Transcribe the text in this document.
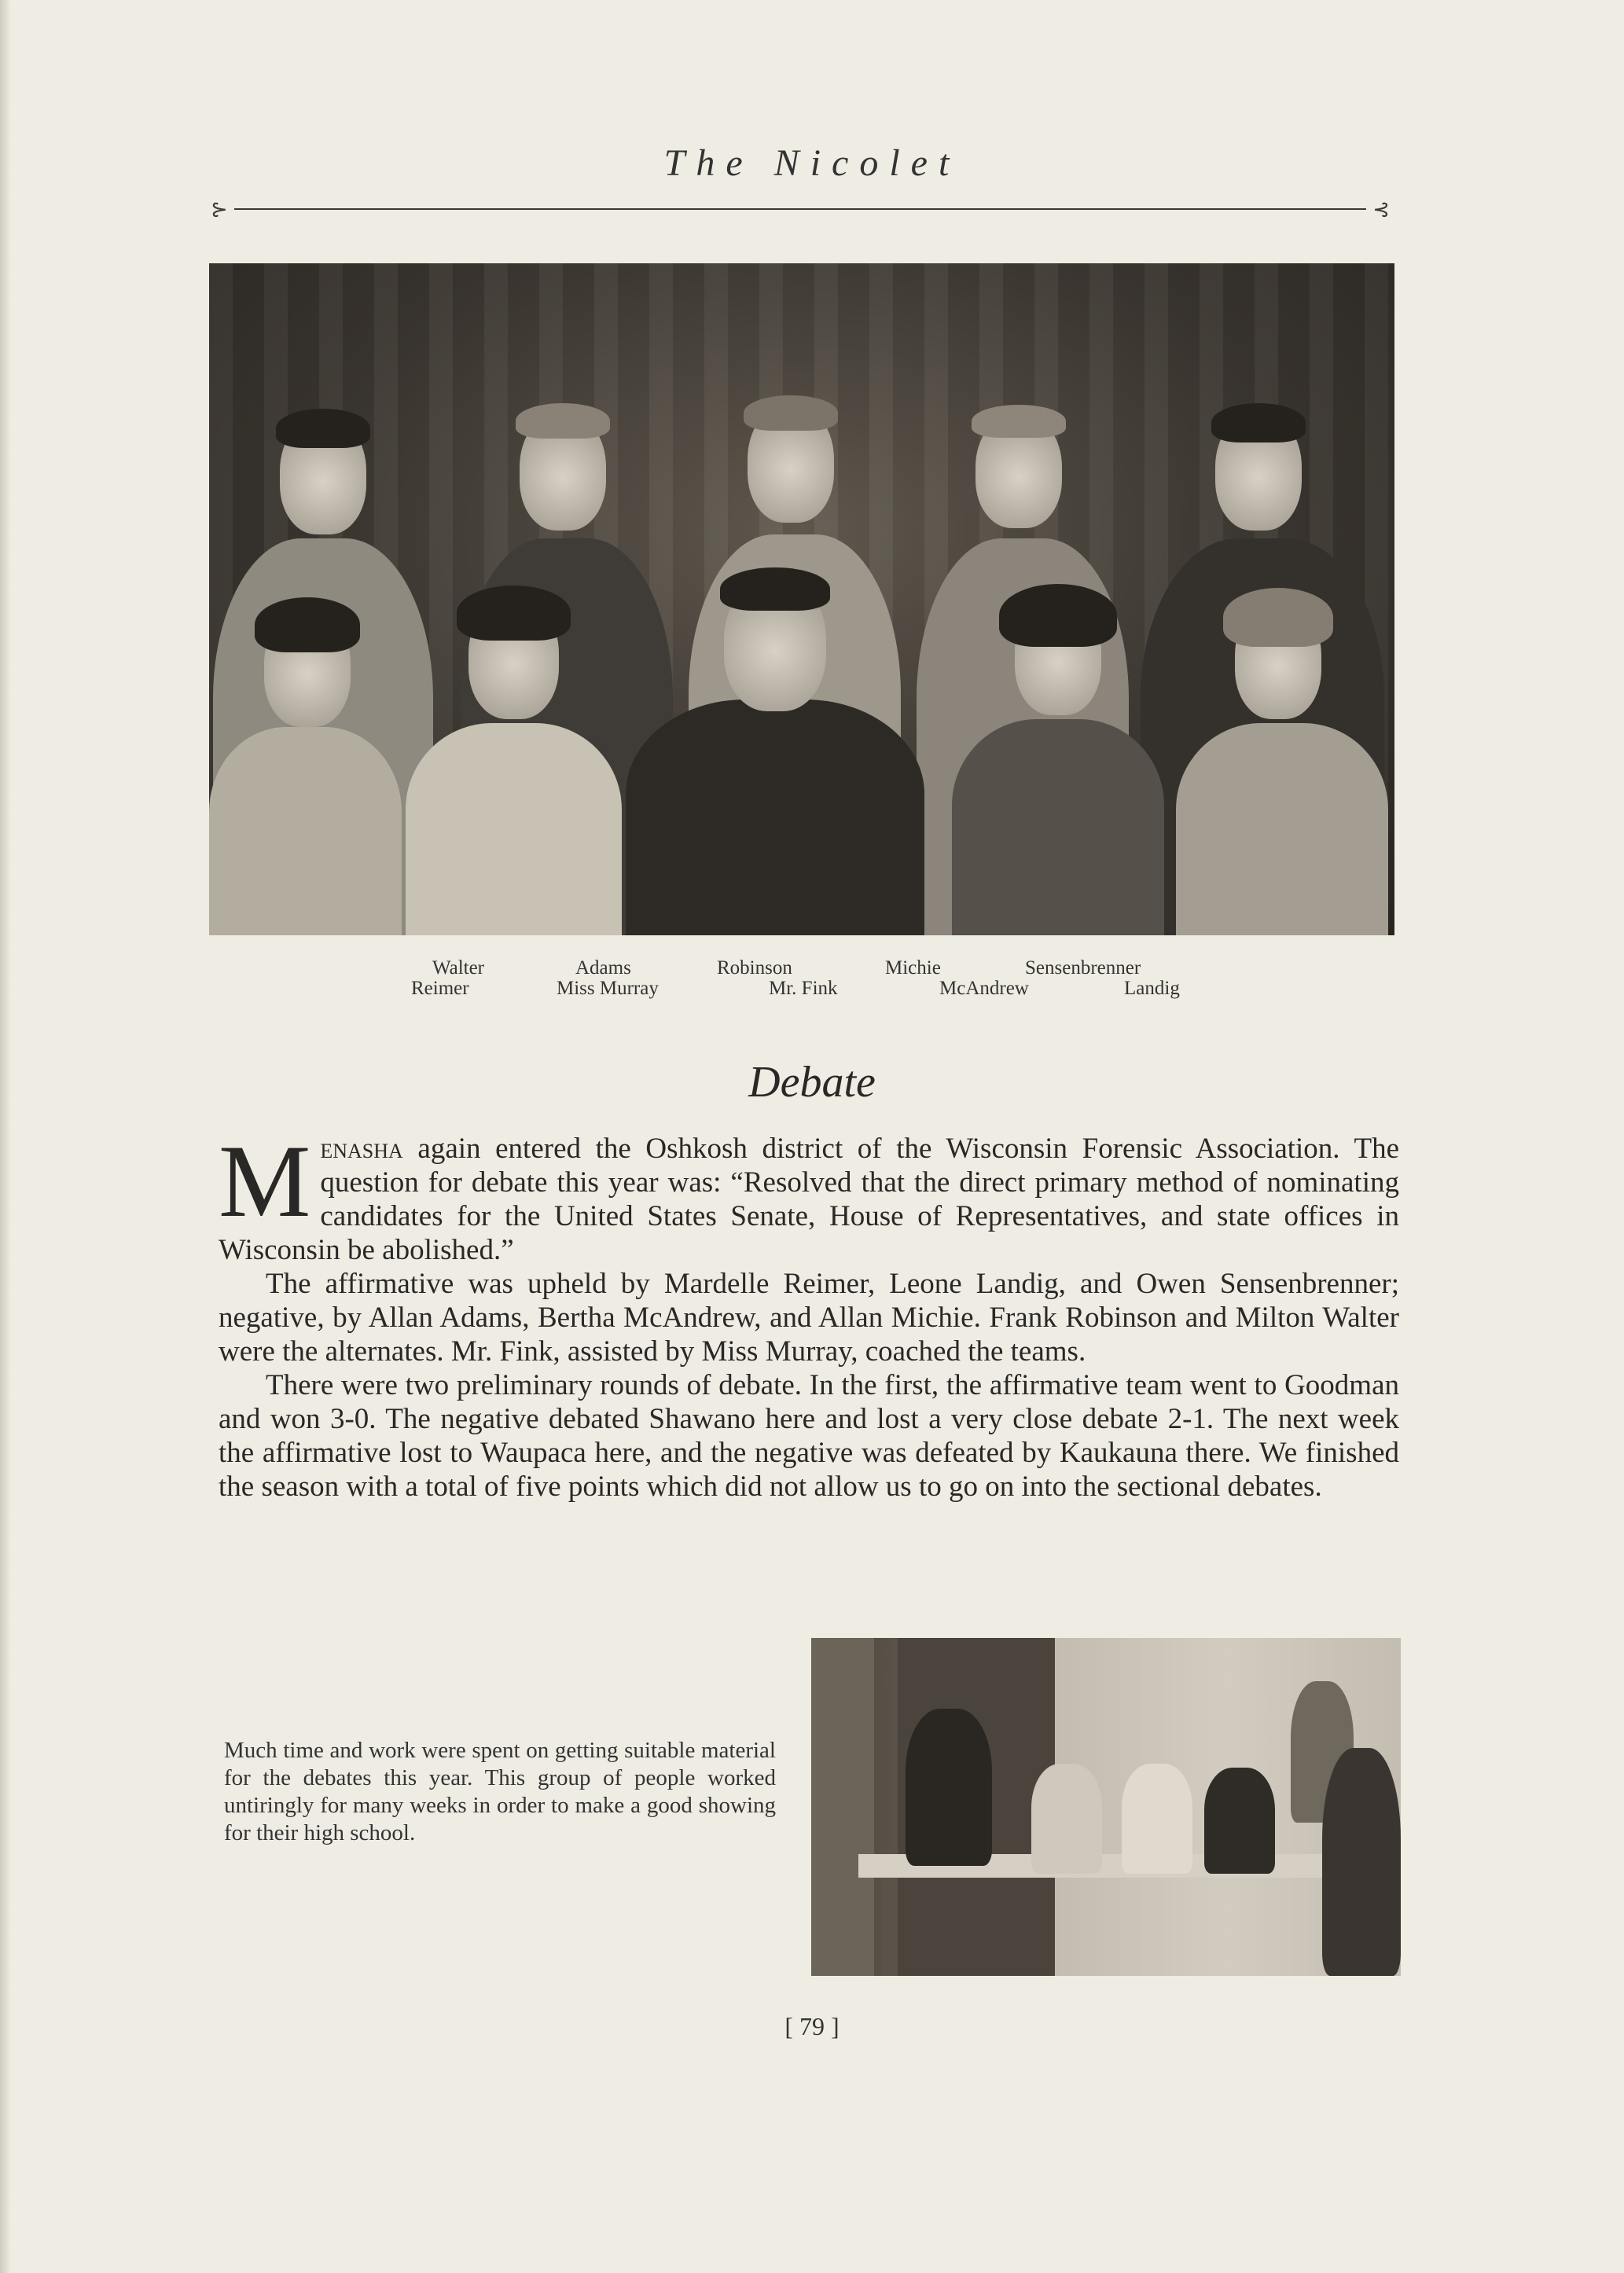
The Nicolet
⊱	⊰
Walter	Adams	Robinson	Michie	Sensenbrenner
Reimer	Miss Murray	Mr. Fink	McAndrew	Landig
Debate

Menasha again entered the Oshkosh district of the Wisconsin Forensic Association. The question for debate this year was: “Resolved that the direct primary method of nominating candidates for the United States Senate, House of Representatives, and state offices in Wisconsin be abolished.”

The affirmative was upheld by Mardelle Reimer, Leone Landig, and Owen Sensenbrenner; negative, by Allan Adams, Bertha McAndrew, and Allan Michie. Frank Robinson and Milton Walter were the alternates. Mr. Fink, assisted by Miss Murray, coached the teams.

There were two preliminary rounds of debate. In the first, the affirmative team went to Goodman and won 3-0. The negative debated Shawano here and lost a very close debate 2-1. The next week the affirmative lost to Waupaca here, and the negative was defeated by Kaukauna there. We finished the season with a total of five points which did not allow us to go on into the sectional debates.

Much time and work were spent on getting suitable material for the debates this year. This group of people worked untiringly for many weeks in order to make a good showing for their high school.
[ 79 ]
